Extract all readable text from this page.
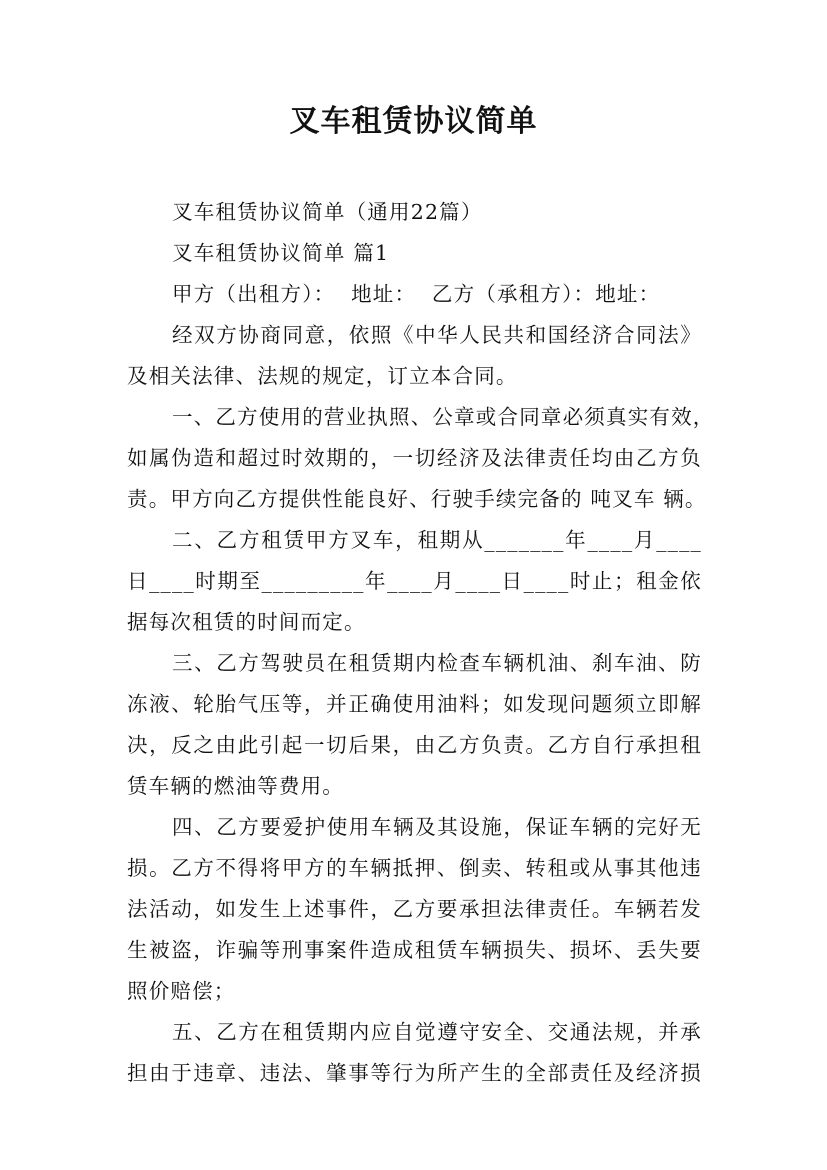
叉车租赁协议简单
叉车租赁协议简单（通用22篇）
叉车租赁协议简单 篇1
甲方（出租方）： 地址： 乙方（承租方）：地址：
经双方协商同意，依照《中华人民共和国经济合同法》
及相关法律、法规的规定，订立本合同。
一、乙方使用的营业执照、公章或合同章必须真实有效，
如属伪造和超过时效期的，一切经济及法律责任均由乙方负
责。甲方向乙方提供性能良好、行驶手续完备的 吨叉车 辆。
二、乙方租赁甲方叉车，租期从_______年____月____
日____时期至_________年____月____日____时止；租金依
据每次租赁的时间而定。
三、乙方驾驶员在租赁期内检查车辆机油、刹车油、防
冻液、轮胎气压等，并正确使用油料；如发现问题须立即解
决，反之由此引起一切后果，由乙方负责。乙方自行承担租
赁车辆的燃油等费用。
四、乙方要爱护使用车辆及其设施，保证车辆的完好无
损。乙方不得将甲方的车辆抵押、倒卖、转租或从事其他违
法活动，如发生上述事件，乙方要承担法律责任。车辆若发
生被盗，诈骗等刑事案件造成租赁车辆损失、损坏、丢失要
照价赔偿；
五、乙方在租赁期内应自觉遵守安全、交通法规，并承
担由于违章、违法、肇事等行为所产生的全部责任及经济损
